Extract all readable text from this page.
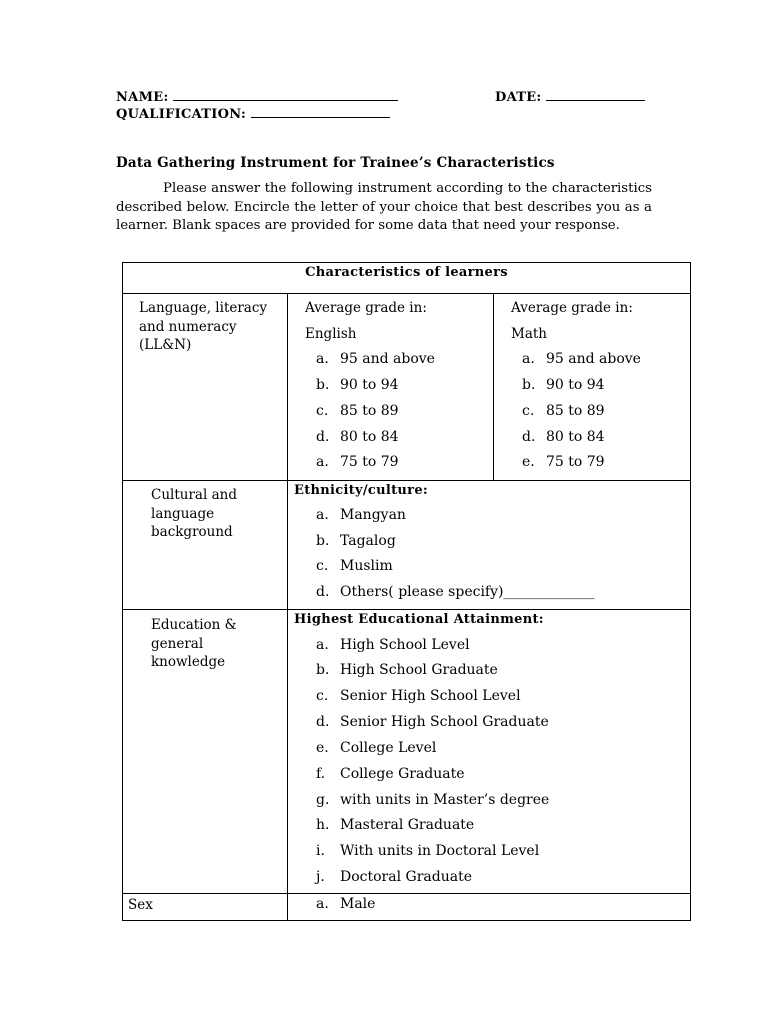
NAME:	DATE:
QUALIFICATION:
Data Gathering Instrument for Trainee’s Characteristics

Please answer the following instrument according to the characteristics described below. Encircle the letter of your choice that best describes you as a learner. Blank spaces are provided for some data that need your response.

Characteristics of learners
Language, literacy and numeracy (LL&N)
Average grade in:
English
Average grade in:
Math
a. 95 and above
b. 90 to 94
c. 85 to 89
d. 80 to 84
a. 75 to 79
a. 95 and above
b. 90 to 94
c. 85 to 89
d. 80 to 84
e. 75 to 79
Cultural and language background
Ethnicity/culture:
a. Mangyan
b. Tagalog
c. Muslim
d. Others( please specify)_____________
Education & general knowledge
Highest Educational Attainment:
a. High School Level
b. High School Graduate
c. Senior High School Level
d. Senior High School Graduate
e. College Level
f. College Graduate
g. with units in Master’s degree
h. Masteral Graduate
i. With units in Doctoral Level
j. Doctoral Graduate
Sex	a. Male
